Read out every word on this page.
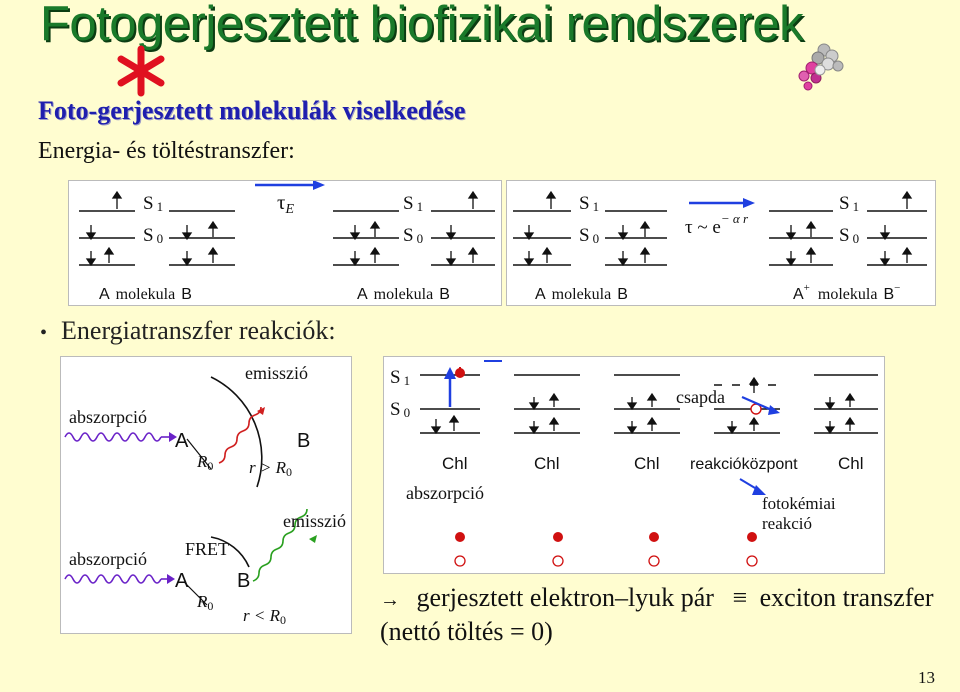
Fotogerjesztett biofizikai rendszerek
Foto-gerjesztett molekulák viselkedése
Energia- és töltéstranszfer:
S 1
S 0
S 1
S 0
τE
A molekula B	A molekula B
S 1
S 0
S 1
S 0
τ ~ $e^{- \alpha r}$
A molekula B	A+ molekula B−
• Energiatranszfer reakciók:
emisszió
abszorpció
A	B
R0 r > R0
emisszió
abszorpció FRET
A B
R0 r < R0
S 1
S 0
csapda
Chl	Chl	Chl reakcióközpont Chl
abszorpció
fotokémiai
reakció
→ gerjesztett elektron–lyuk pár ≡ exciton transzfer
(nettó töltés = 0)
13
